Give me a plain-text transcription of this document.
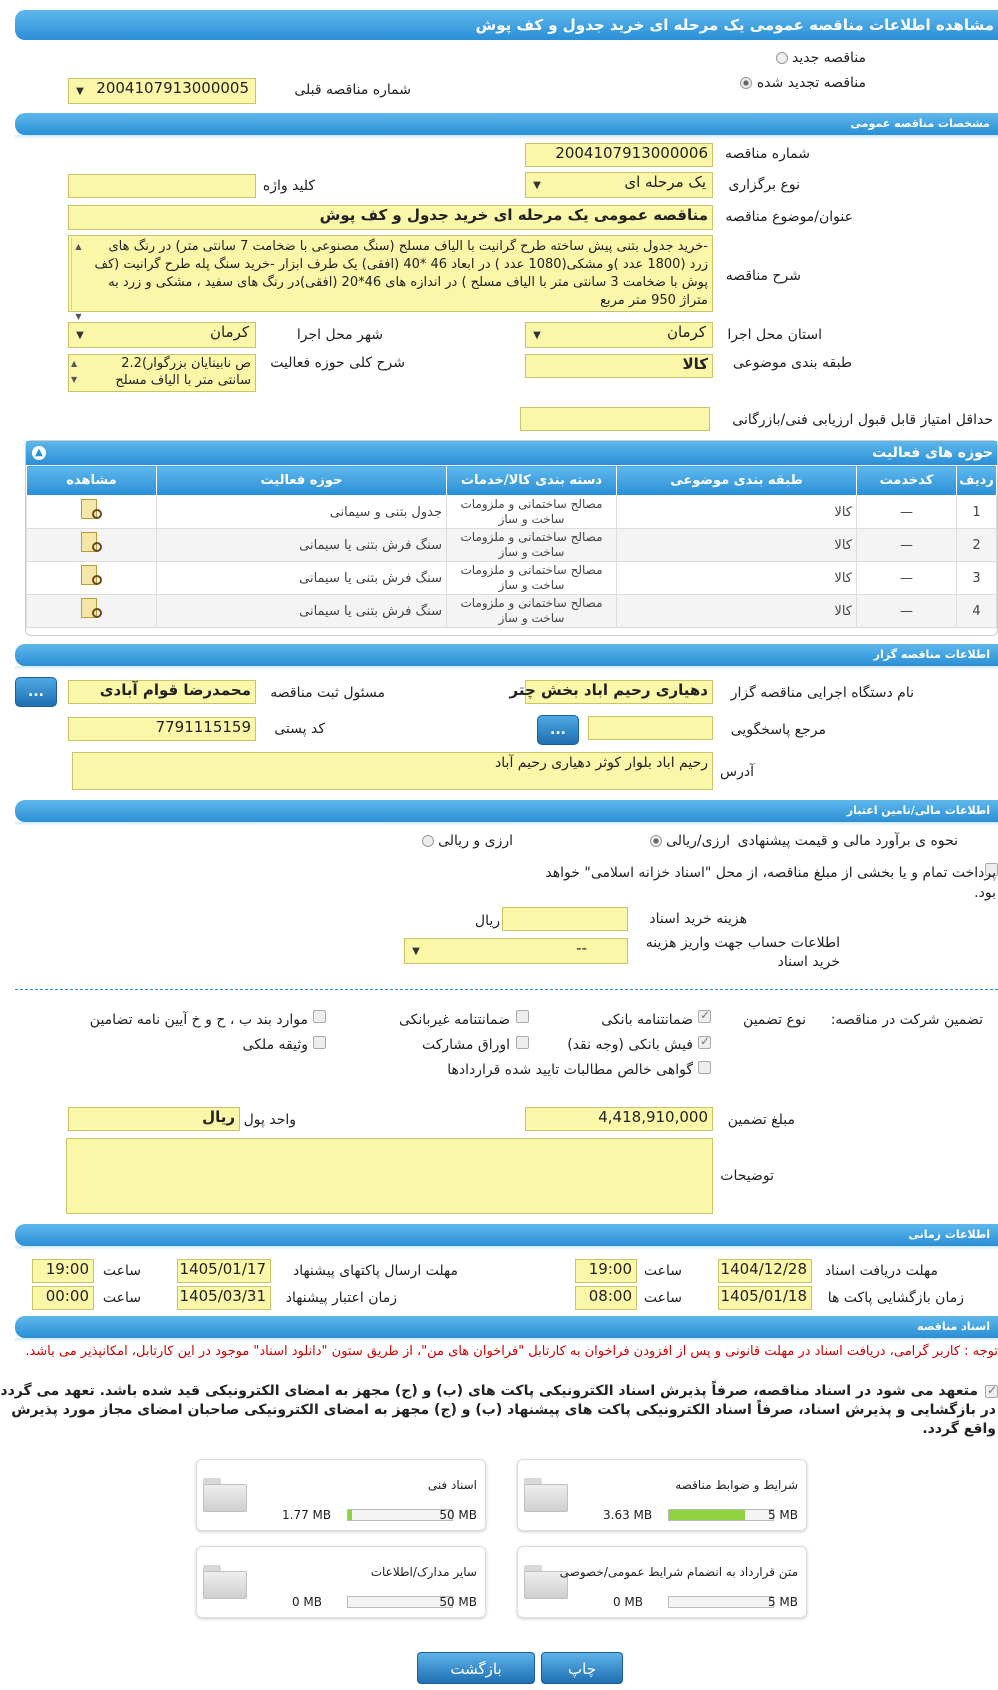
مشاهده اطلاعات مناقصه عمومی یک مرحله ای خرید جدول و کف پوش
مناقصه جدید
مناقصه تجدید شده
شماره مناقصه قبلی
▼ 2004107913000005
مشخصات مناقصه عمومی
شماره مناقصه
2004107913000006
نوع برگزاری
▼	یک مرحله ای
کلید واژه
عنوان/موضوع مناقصه
مناقصه عمومی یک مرحله ای خرید جدول و کف پوش
شرح مناقصه
-خرید جدول بتنی پیش ساخته طرح گرانیت با الیاف مسلح (سنگ مصنوعی با ضخامت 7 سانتی متر) در رنگ های زرد (1800 عدد )و مشکی(1080 عدد ) در ابعاد 46 *40 (افقی) یک طرف ابزار -خرید سنگ پله طرح گرانیت (کف پوش با ضخامت 3 سانتی متر با الیاف مسلح ) در اندازه های 46*20 (افقی)در رنگ های سفید ، مشکی و زرد به متراژ 950 متر مربع
▲
▼
استان محل اجرا
▼	کرمان
شهر محل اجرا
▼	کرمان
طبقه بندی موضوعی
کالا
شرح کلی حوزه فعالیت
ص نابینایان بزرگوار)2.2 سانتی متر با الیاف مسلح
▲
▼
حداقل امتیاز قابل قبول ارزیابی فنی/بازرگانی
حوزه های فعالیت
▲
ردیف	کدخدمت	طبقه بندی موضوعی	دسته بندی کالا/خدمات	حوزه فعالیت	مشاهده
1	—	کالا	مصالح ساختمانی و ملزومات ساخت و ساز	جدول بتنی و سیمانی	

2	—	کالا	مصالح ساختمانی و ملزومات ساخت و ساز	سنگ فرش بتنی یا سیمانی	

3	—	کالا	مصالح ساختمانی و ملزومات ساخت و ساز	سنگ فرش بتنی یا سیمانی	

4	—	کالا	مصالح ساختمانی و ملزومات ساخت و ساز	سنگ فرش بتنی یا سیمانی	
اطلاعات مناقصه گزار
نام دستگاه اجرایی مناقصه گزار
دهیاری رحیم اباد بخش چتر
مسئول ثبت مناقصه
محمدرضا قوام آبادی
...
مرجع پاسخگویی
...
کد پستی
7791115159
آدرس
رحیم اباد بلوار کوثر دهیاری رحیم آباد
اطلاعات مالی/تامین اعتبار
نحوه ی برآورد مالی و قیمت پیشنهادی
ارزی/ریالی
ارزی و ریالی
پرداخت تمام و یا بخشی از مبلغ مناقصه، از محل "اسناد خزانه اسلامی" خواهد بود.
هزینه خرید اسناد
ریال
اطلاعات حساب جهت واریز هزینه خرید اسناد
▼	--
تضمین شرکت در مناقصه:
نوع تضمین
✓
ضمانتنامه بانکی
ضمانتنامه غیربانکی
موارد بند ب ، ح و خ آیین نامه تضامین
✓
فیش بانکی (وجه نقد)
اوراق مشارکت
وثیقه ملکی
گواهی خالص مطالبات تایید شده قراردادها
مبلغ تضمین
4,418,910,000
واحد پول
ریال
توضیحات
اطلاعات زمانی
مهلت دریافت اسناد
1404/12/28
ساعت
19:00
مهلت ارسال پاکتهای پیشنهاد
1405/01/17
ساعت
19:00
زمان بازگشایی پاکت ها
1405/01/18
ساعت
08:00
زمان اعتبار پیشنهاد
1405/03/31
ساعت
00:00
اسناد مناقصه
توجه : کاربر گرامی، دریافت اسناد در مهلت قانونی و پس از افزودن فراخوان به کارتابل "فراخوان های من"، از طریق ستون "دانلود اسناد" موجود در این کارتابل، امکانپذیر می باشد.
✓
متعهد می شود در اسناد مناقصه، صرفاً پذیرش اسناد الکترونیکی پاکت های (ب) و (ج) مجهز به امضای الکترونیکی قید شده باشد. تعهد می گردد در بازگشایی و پذیرش اسناد، صرفاً اسناد الکترونیکی پاکت های پیشنهاد (ب) و (ج) مجهز به امضای الکترونیکی صاحبان امضای مجاز مورد پذیرش واقع گردد.
شرایط و ضوابط مناقصه
3.63 MB	5 MB
اسناد فنی
1.77 MB	50 MB
متن قرارداد به انضمام شرایط عمومی/خصوصی
0 MB	5 MB
سایر مدارک/اطلاعات
0 MB	50 MB
چاپ
بازگشت
